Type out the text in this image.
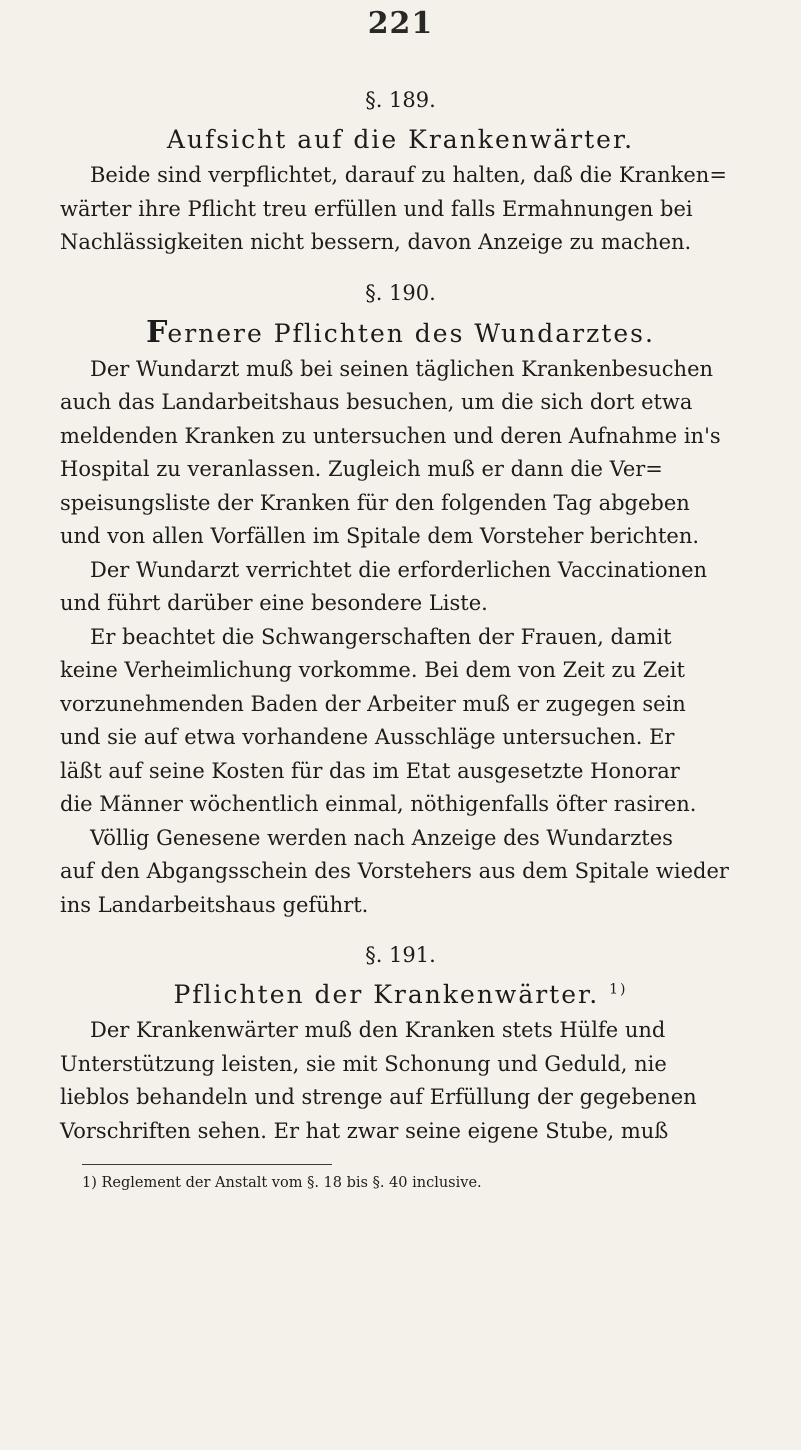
221
§. 189.
Aufsicht auf die Krankenwärter.
Beide sind verpflichtet, darauf zu halten, daß die Kranken=
wärter ihre Pflicht treu erfüllen und falls Ermahnungen bei
Nachlässigkeiten nicht bessern, davon Anzeige zu machen.
§. 190.
Fernere Pflichten des Wundarztes.
Der Wundarzt muß bei seinen täglichen Krankenbesuchen
auch das Landarbeitshaus besuchen, um die sich dort etwa
meldenden Kranken zu untersuchen und deren Aufnahme in's
Hospital zu veranlassen. Zugleich muß er dann die Ver=
speisungsliste der Kranken für den folgenden Tag abgeben
und von allen Vorfällen im Spitale dem Vorsteher berichten.
Der Wundarzt verrichtet die erforderlichen Vaccinationen
und führt darüber eine besondere Liste.
Er beachtet die Schwangerschaften der Frauen, damit
keine Verheimlichung vorkomme. Bei dem von Zeit zu Zeit
vorzunehmenden Baden der Arbeiter muß er zugegen sein
und sie auf etwa vorhandene Ausschläge untersuchen. Er
läßt auf seine Kosten für das im Etat ausgesetzte Honorar
die Männer wöchentlich einmal, nöthigenfalls öfter rasiren.
Völlig Genesene werden nach Anzeige des Wundarztes
auf den Abgangsschein des Vorstehers aus dem Spitale wieder
ins Landarbeitshaus geführt.
§. 191.
Pflichten der Krankenwärter. $^{1)}$
Der Krankenwärter muß den Kranken stets Hülfe und
Unterstützung leisten, sie mit Schonung und Geduld, nie
lieblos behandeln und strenge auf Erfüllung der gegebenen
Vorschriften sehen. Er hat zwar seine eigene Stube, muß
1) Reglement der Anstalt vom §. 18 bis §. 40 inclusive.
